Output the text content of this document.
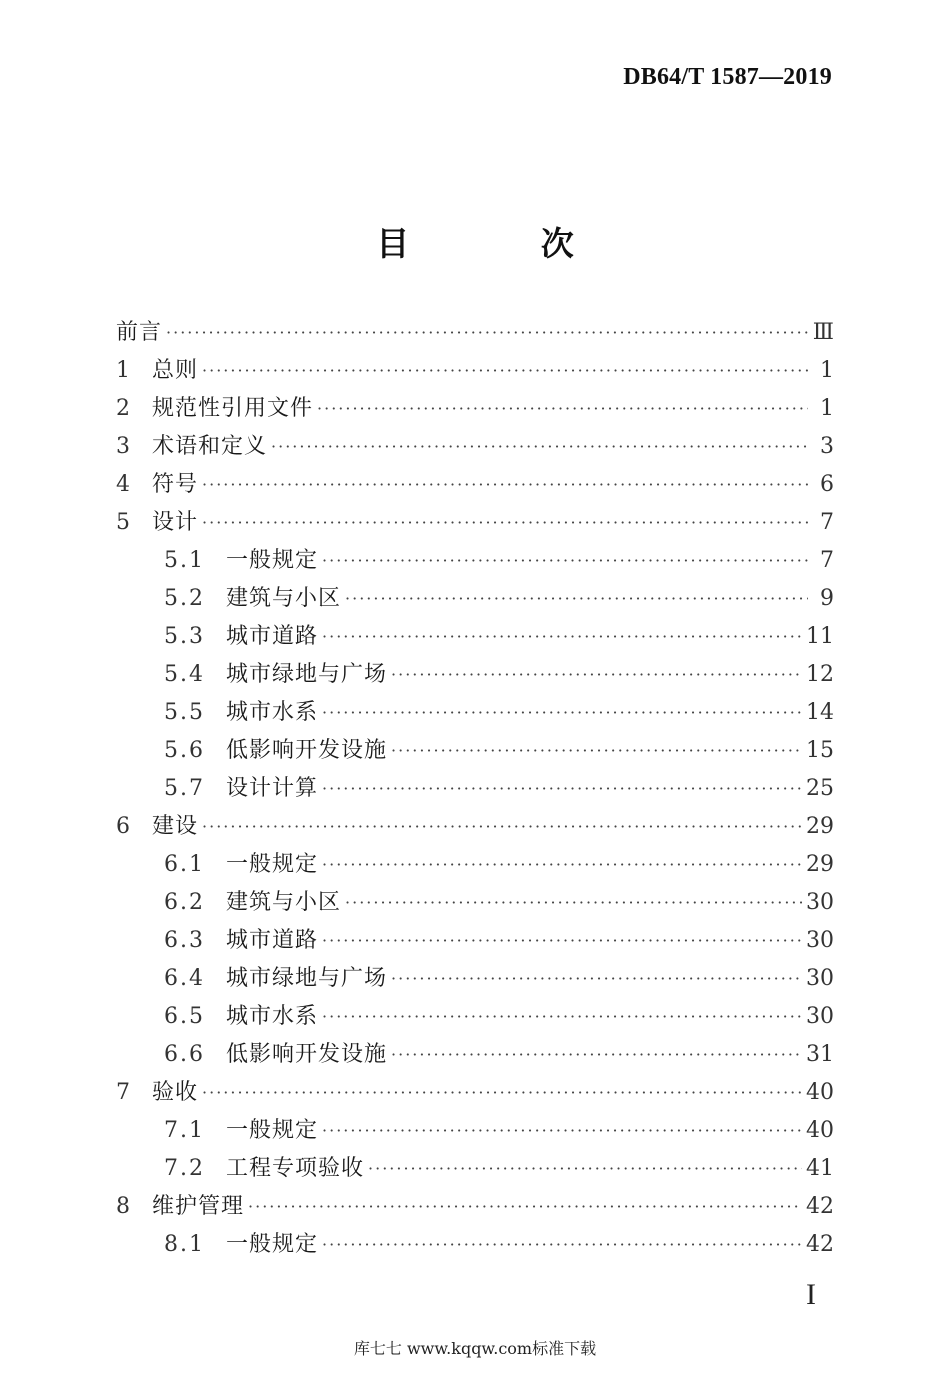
DB64/T 1587—2019
目 次
前言 ·····	Ⅲ
1 总则 ·····	1
2 规范性引用文件 ·····	1
3 术语和定义 ·····	3
4 符号 ·····	6
5 设计 ·····	7
5.1 一般规定 ·····	7
5.2 建筑与小区 ·····	9
5.3 城市道路 ·····	11
5.4 城市绿地与广场 ·····	12
5.5 城市水系 ·····	14
5.6 低影响开发设施 ·····	15
5.7 设计计算 ·····	25
6 建设 ·····	29
6.1 一般规定 ·····	29
6.2 建筑与小区 ·····	30
6.3 城市道路 ·····	30
6.4 城市绿地与广场 ·····	30
6.5 城市水系 ·····	30
6.6 低影响开发设施 ·····	31
7 验收 ·····	40
7.1 一般规定 ·····	40
7.2 工程专项验收 ·····	41
8 维护管理 ·····	42
8.1 一般规定 ·····	42
I
库七七 www.kqqw.com标准下载
